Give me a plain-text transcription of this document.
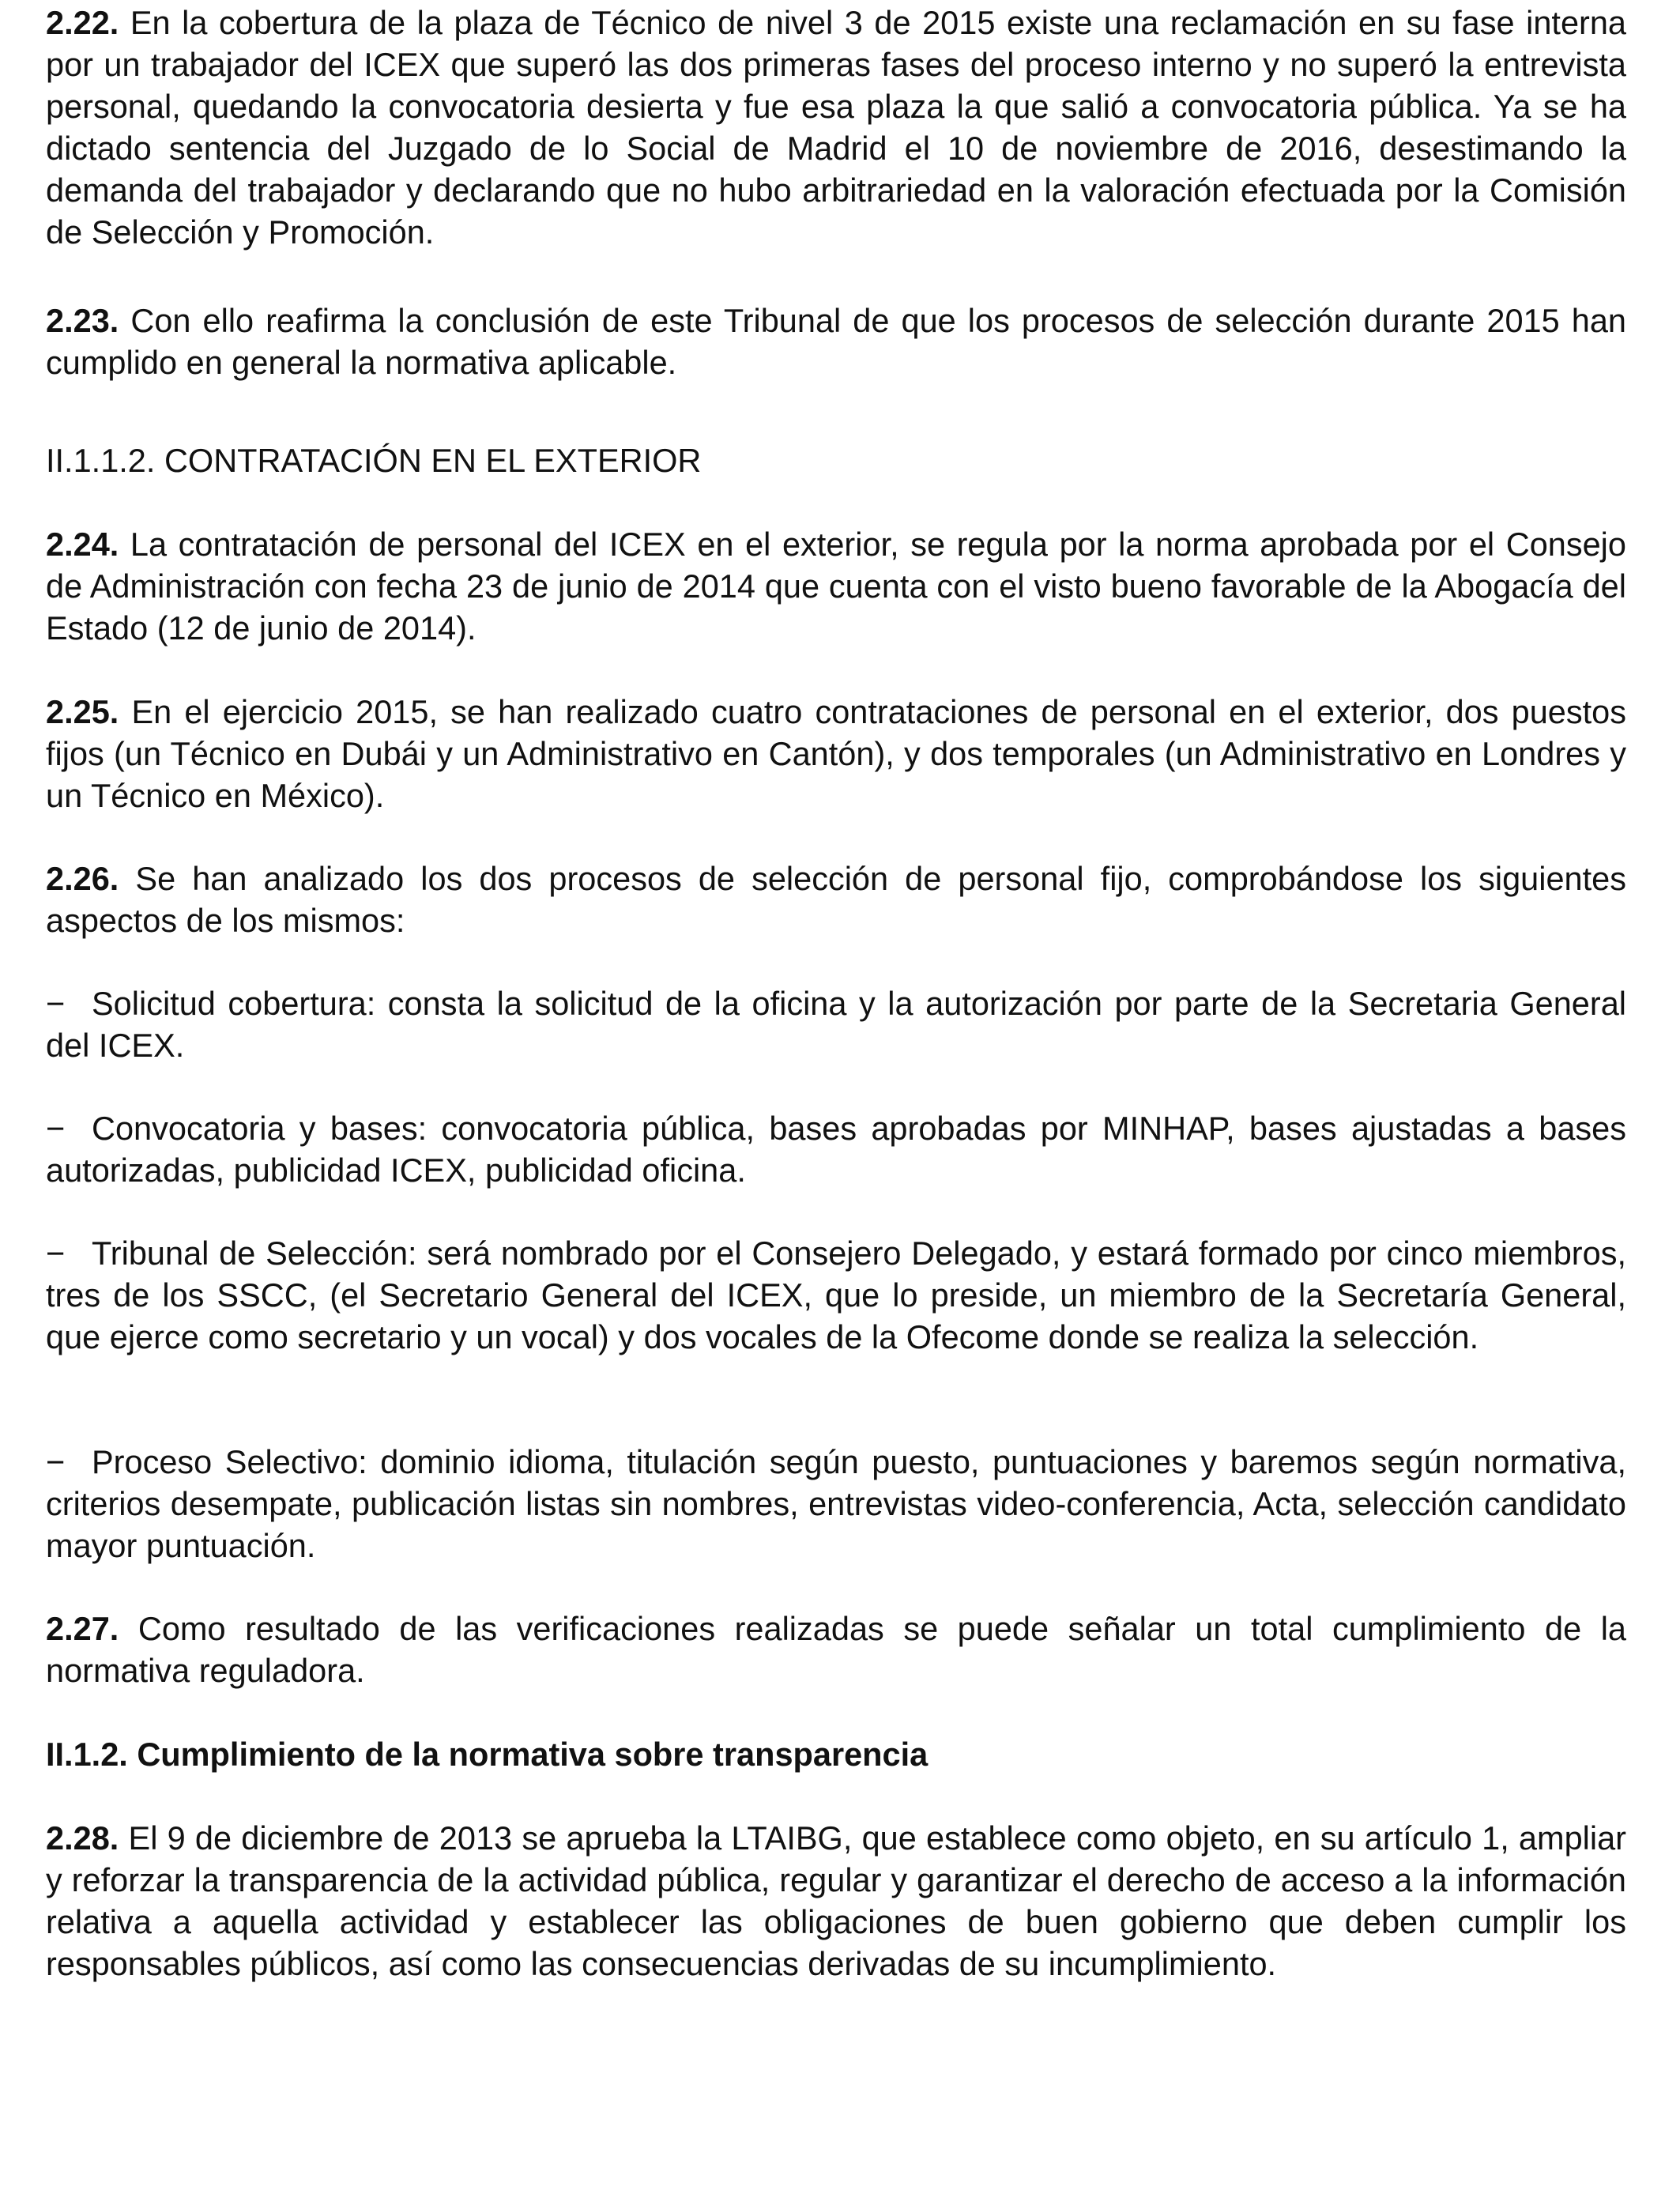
2.22. En la cobertura de la plaza de Técnico de nivel 3 de 2015 existe una reclamación en su fase interna por un trabajador del ICEX que superó las dos primeras fases del proceso interno y no superó la entrevista personal, quedando la convocatoria desierta y fue esa plaza la que salió a convocatoria pública. Ya se ha dictado sentencia del Juzgado de lo Social de Madrid el 10 de noviembre de 2016, desestimando la demanda del trabajador y declarando que no hubo arbitrariedad en la valoración efectuada por la Comisión de Selección y Promoción.

2.23. Con ello reafirma la conclusión de este Tribunal de que los procesos de selección durante 2015 han cumplido en general la normativa aplicable.

II.1.1.2. CONTRATACIÓN EN EL EXTERIOR

2.24. La contratación de personal del ICEX en el exterior, se regula por la norma aprobada por el Consejo de Administración con fecha 23 de junio de 2014 que cuenta con el visto bueno favorable de la Abogacía del Estado (12 de junio de 2014).

2.25. En el ejercicio 2015, se han realizado cuatro contrataciones de personal en el exterior, dos puestos fijos (un Técnico en Dubái y un Administrativo en Cantón), y dos temporales (un Administrativo en Londres y un Técnico en México).

2.26. Se han analizado los dos procesos de selección de personal fijo, comprobándose los siguientes aspectos de los mismos:

− Solicitud cobertura: consta la solicitud de la oficina y la autorización por parte de la Secretaria General del ICEX.

− Convocatoria y bases: convocatoria pública, bases aprobadas por MINHAP, bases ajustadas a bases autorizadas, publicidad ICEX, publicidad oficina.

− Tribunal de Selección: será nombrado por el Consejero Delegado, y estará formado por cinco miembros, tres de los SSCC, (el Secretario General del ICEX, que lo preside, un miembro de la Secretaría General, que ejerce como secretario y un vocal) y dos vocales de la Ofecome donde se realiza la selección.

− Proceso Selectivo: dominio idioma, titulación según puesto, puntuaciones y baremos según normativa, criterios desempate, publicación listas sin nombres, entrevistas video-conferencia, Acta, selección candidato mayor puntuación.

2.27. Como resultado de las verificaciones realizadas se puede señalar un total cumplimiento de la normativa reguladora.

II.1.2. Cumplimiento de la normativa sobre transparencia

2.28. El 9 de diciembre de 2013 se aprueba la LTAIBG, que establece como objeto, en su artículo 1, ampliar y reforzar la transparencia de la actividad pública, regular y garantizar el derecho de acceso a la información relativa a aquella actividad y establecer las obligaciones de buen gobierno que deben cumplir los responsables públicos, así como las consecuencias derivadas de su incumplimiento.
